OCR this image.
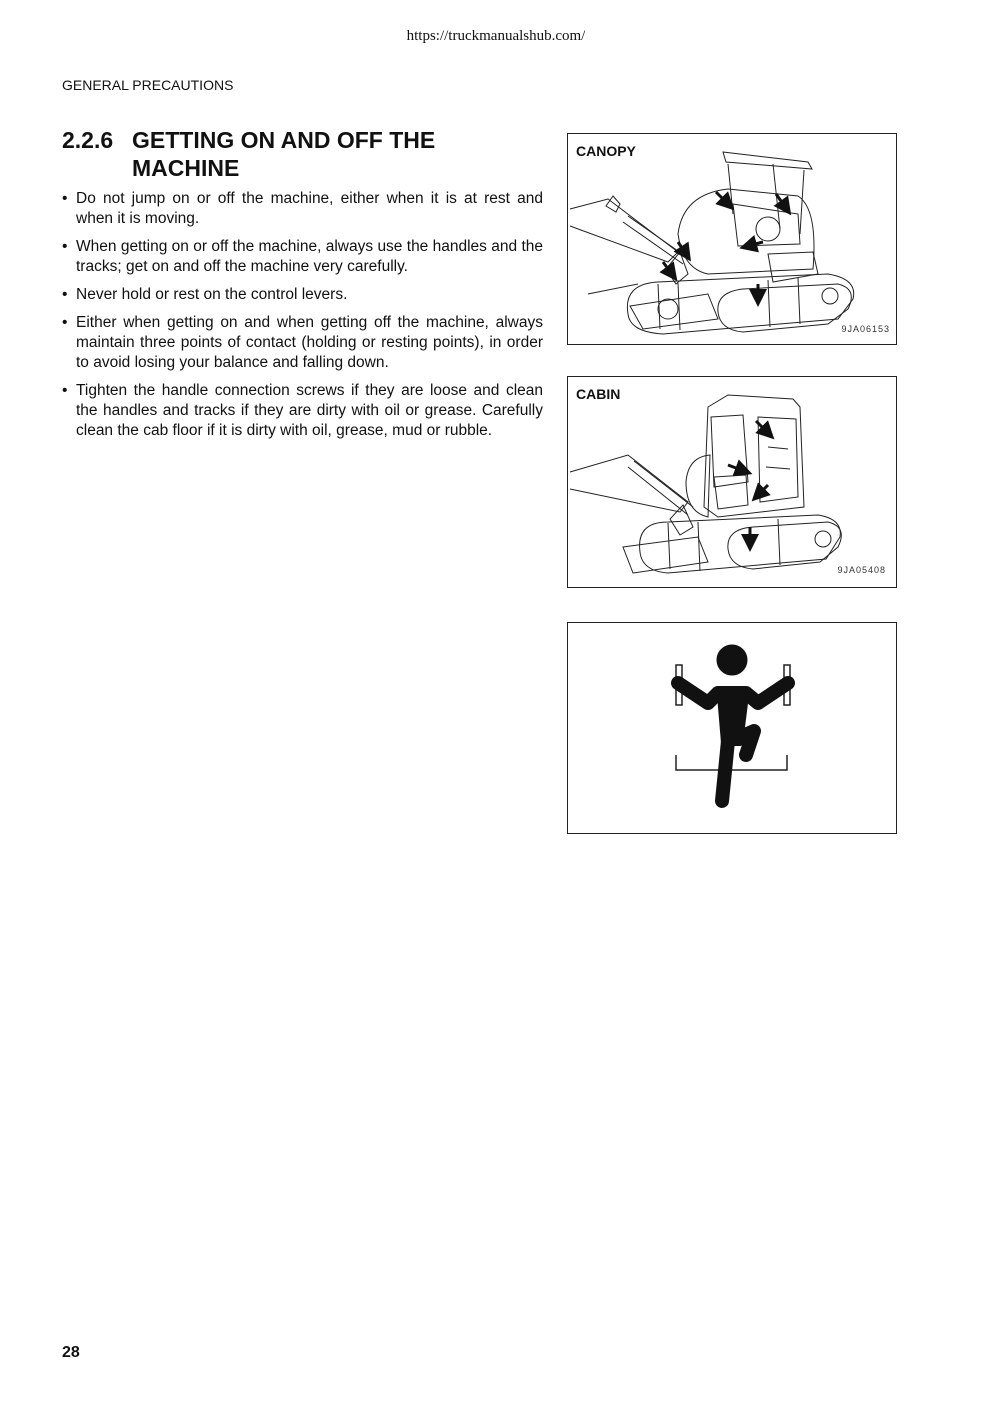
https://truckmanualshub.com/
GENERAL PRECAUTIONS
2.2.6 GETTING ON AND OFF THE MACHINE
• Do not jump on or off the machine, either when it is at rest and when it is moving.
• When getting on or off the machine, always use the handles and the tracks; get on and off the machine very carefully.
• Never hold or rest on the control levers.
• Either when getting on and when getting off the machine, always maintain three points of contact (holding or resting points), in order to avoid losing your balance and falling down.
• Tighten the handle connection screws if they are loose and clean the handles and tracks if they are dirty with oil or grease. Carefully clean the cab floor if it is dirty with oil, grease, mud or rubble.
CANOPY
9JA06153
CABIN
9JA05408
28
